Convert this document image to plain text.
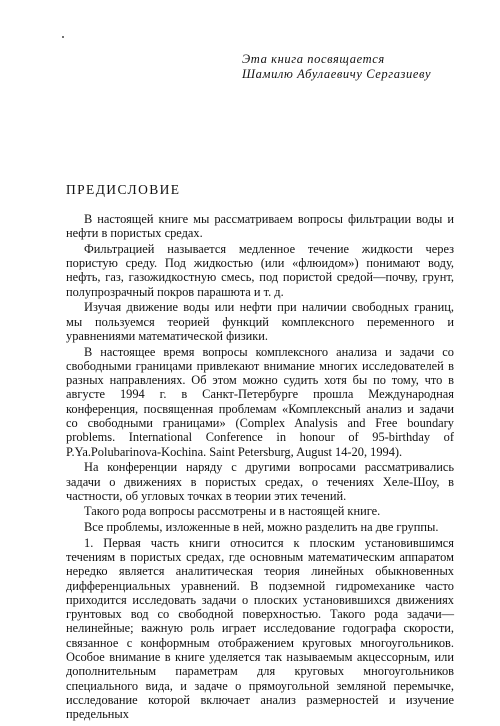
Эта книга посвящается
Шамилю Абулаевичу Сергазиеву
ПРЕДИСЛОВИЕ

В настоящей книге мы рассматриваем вопросы фильтрации воды и нефти в пористых средах.

Фильтрацией называется медленное течение жидкости через пористую среду. Под жидкостью (или «флюидом») понимают воду, нефть, газ, газожидкостную смесь, под пористой средой—почву, грунт, полупрозрачный покров парашюта и т. д.

Изучая движение воды или нефти при наличии свободных границ, мы пользуемся теорией функций комплексного переменного и уравнениями математической физики.

В настоящее время вопросы комплексного анализа и задачи со свободными границами привлекают внимание многих исследователей в разных направлениях. Об этом можно судить хотя бы по тому, что в августе 1994 г. в Санкт-Петербурге прошла Международная конференция, посвященная проблемам «Комплексный анализ и задачи со свободными границами» (Complex Analysis and Free boundary problems. International Conference in honour of 95-birthday of P.Ya.Polubarinova-Kochina. Saint Petersburg, August 14-20, 1994).

На конференции наряду с другими вопросами рассматривались задачи о движениях в пористых средах, о течениях Хеле-Шоу, в частности, об угловых точках в теории этих течений.

Такого рода вопросы рассмотрены и в настоящей книге.

Все проблемы, изложенные в ней, можно разделить на две группы.

1. Первая часть книги относится к плоским установившимся течениям в пористых средах, где основным математическим аппаратом нередко является аналитическая теория линейных обыкновенных дифференциальных уравнений. В подземной гидромеханике часто приходится исследовать задачи о плоских установившихся движениях грунтовых вод со свободной поверхностью. Такого рода задачи—нелинейные; важную роль играет исследование годографа скорости, связанное с конформным отображением круговых многоугольников. Особое внимание в книге уделяется так называемым акцессорным, или дополнительным параметрам для круговых многоугольников специального вида, и задаче о прямоугольной земляной перемычке, исследование которой включает анализ размерностей и изучение предельных
